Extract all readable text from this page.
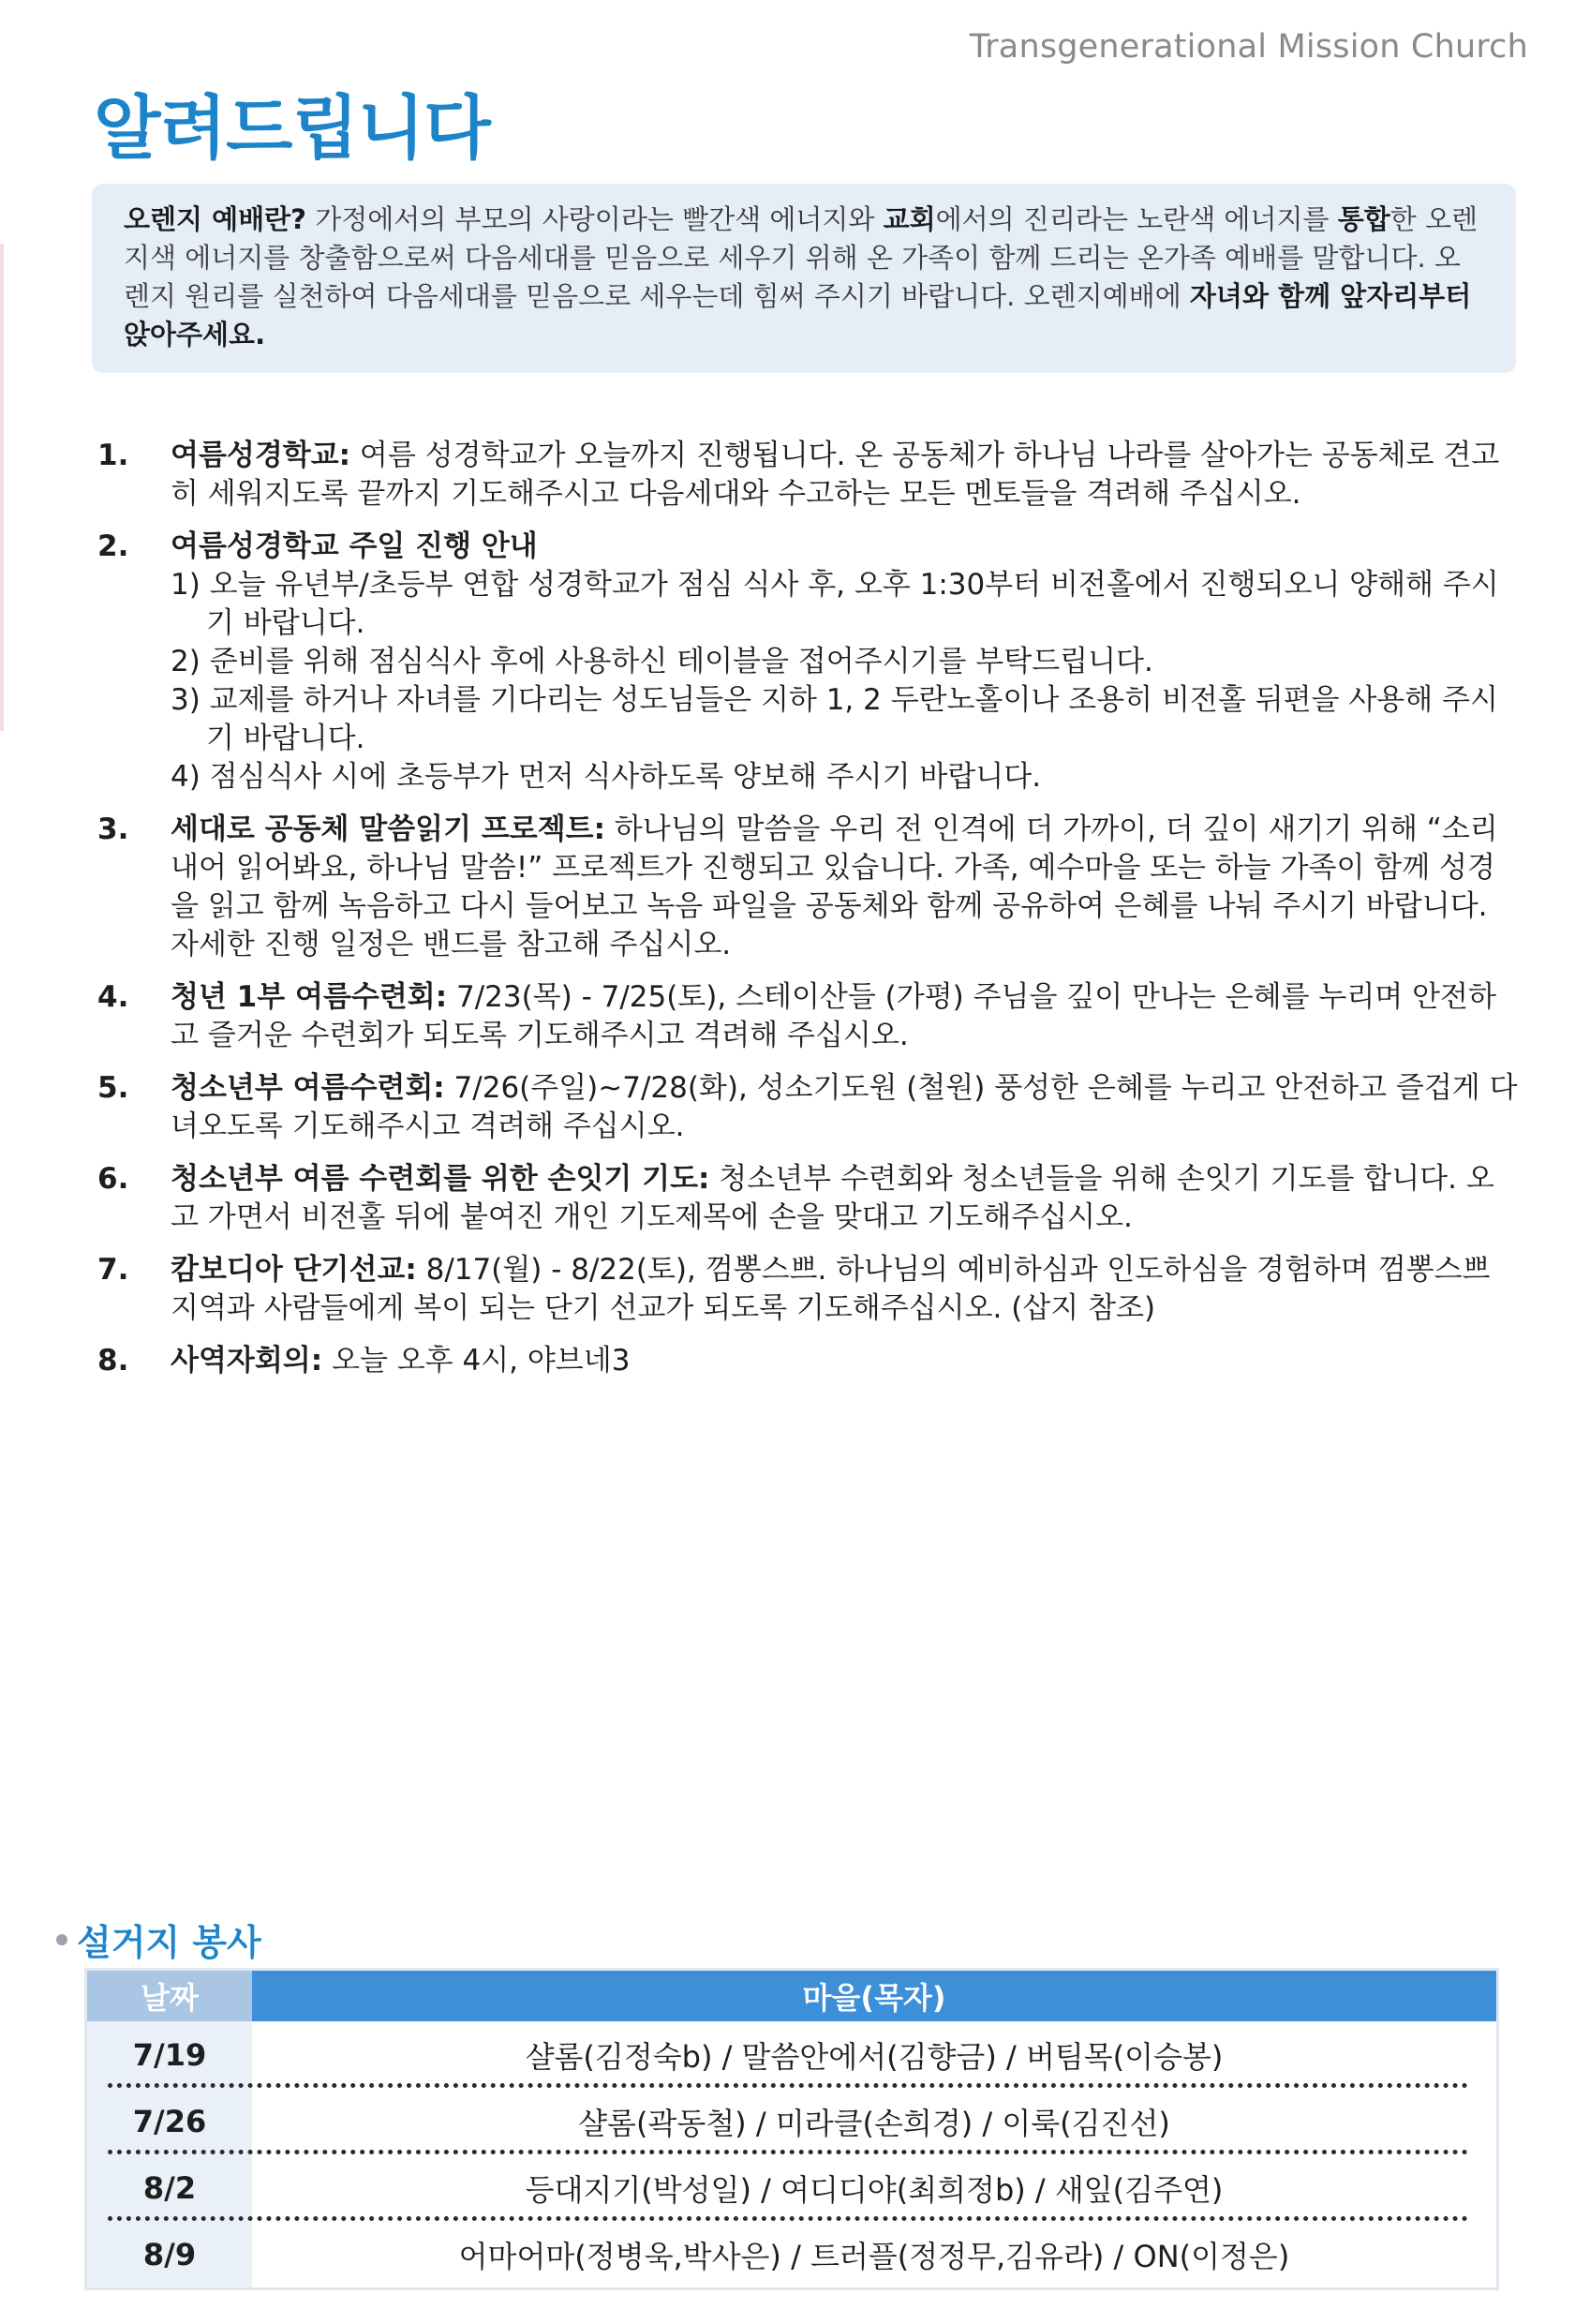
Transgenerational Mission Church
알려드립니다
오렌지 예배란? 가정에서의 부모의 사랑이라는 빨간색 에너지와 교회에서의 진리라는 노란색 에너지를 통합한 오렌지색 에너지를 창출함으로써 다음세대를 믿음으로 세우기 위해 온 가족이 함께 드리는 온가족 예배를 말합니다. 오렌지 원리를 실천하여 다음세대를 믿음으로 세우는데 힘써 주시기 바랍니다. 오렌지예배에 자녀와 함께 앞자리부터 앉아주세요.
1. 여름성경학교: 여름 성경학교가 오늘까지 진행됩니다. 온 공동체가 하나님 나라를 살아가는 공동체로 견고히 세워지도록 끝까지 기도해주시고 다음세대와 수고하는 모든 멘토들을 격려해 주십시오.
2. 여름성경학교 주일 진행 안내
1) 오늘 유년부/초등부 연합 성경학교가 점심 식사 후, 오후 1:30부터 비전홀에서 진행되오니 양해해 주시기 바랍니다.
2) 준비를 위해 점심식사 후에 사용하신 테이블을 접어주시기를 부탁드립니다.
3) 교제를 하거나 자녀를 기다리는 성도님들은 지하 1, 2 두란노홀이나 조용히 비전홀 뒤편을 사용해 주시기 바랍니다.
4) 점심식사 시에 초등부가 먼저 식사하도록 양보해 주시기 바랍니다.
3. 세대로 공동체 말씀읽기 프로젝트: 하나님의 말씀을 우리 전 인격에 더 가까이, 더 깊이 새기기 위해 “소리내어 읽어봐요, 하나님 말씀!” 프로젝트가 진행되고 있습니다. 가족, 예수마을 또는 하늘 가족이 함께 성경을 읽고 함께 녹음하고 다시 들어보고 녹음 파일을 공동체와 함께 공유하여 은혜를 나눠 주시기 바랍니다. 자세한 진행 일정은 밴드를 참고해 주십시오.
4. 청년 1부 여름수련회: 7/23(목) - 7/25(토), 스테이산들 (가평) 주님을 깊이 만나는 은혜를 누리며 안전하고 즐거운 수련회가 되도록 기도해주시고 격려해 주십시오.
5. 청소년부 여름수련회: 7/26(주일)~7/28(화), 성소기도원 (철원) 풍성한 은혜를 누리고 안전하고 즐겁게 다녀오도록 기도해주시고 격려해 주십시오.
6. 청소년부 여름 수련회를 위한 손잇기 기도: 청소년부 수련회와 청소년들을 위해 손잇기 기도를 합니다. 오고 가면서 비전홀 뒤에 붙여진 개인 기도제목에 손을 맞대고 기도해주십시오.
7. 캄보디아 단기선교: 8/17(월) - 8/22(토), 껌뽕스쁘. 하나님의 예비하심과 인도하심을 경험하며 껌뽕스쁘 지역과 사람들에게 복이 되는 단기 선교가 되도록 기도해주십시오. (삽지 참조)
8. 사역자회의: 오늘 오후 4시, 야브네3
설거지 봉사
날짜	마을(목자)
7/19	샬롬(김정숙b) / 말씀안에서(김향금) / 버팀목(이승봉)
7/26	샬롬(곽동철) / 미라클(손희경) / 이룩(김진선)
8/2	등대지기(박성일) / 여디디야(최희정b) / 새잎(김주연)
8/9	어마어마(정병욱,박사은) / 트러플(정정무,김유라) / ON(이정은)
